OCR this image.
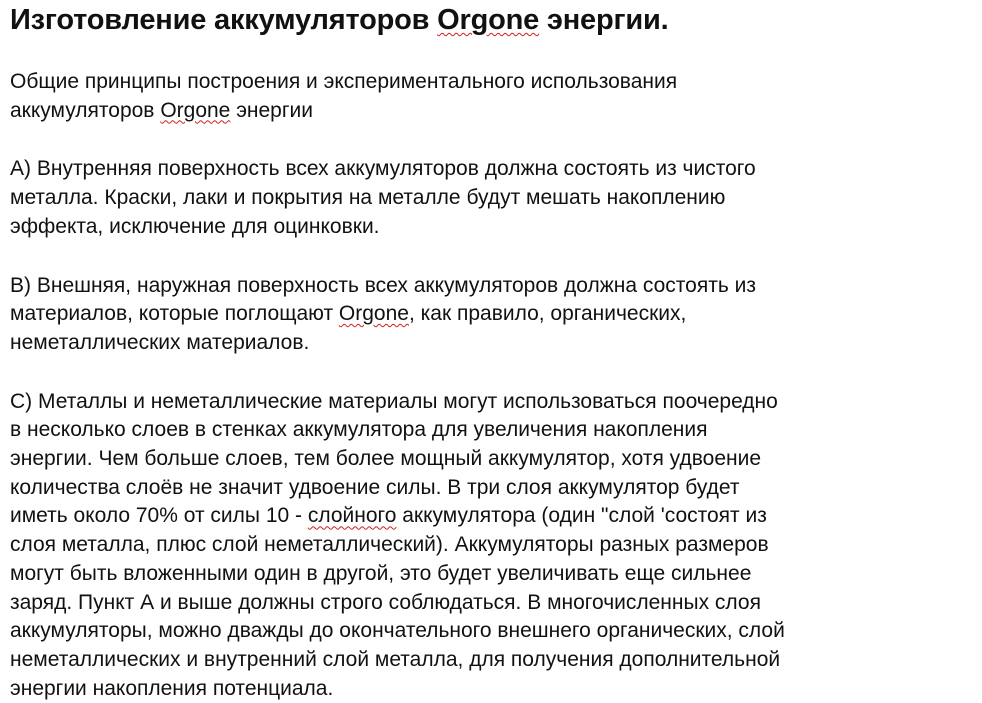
Изготовление аккумуляторов Orgone энергии.

Общие принципы построения и экспериментального использования
аккумуляторов Orgone энергии

А) Внутренняя поверхность всех аккумуляторов должна состоять из чистого
металла. Краски, лаки и покрытия на металле будут мешать накоплению
эффекта, исключение для оцинковки.

В) Внешняя, наружная поверхность всех аккумуляторов должна состоять из
материалов, которые поглощают Orgone, как правило, органических,
неметаллических материалов.

С) Металлы и неметаллические материалы могут использоваться поочередно
в несколько слоев в стенках аккумулятора для увеличения накопления
энергии. Чем больше слоев, тем более мощный аккумулятор, хотя удвоение
количества слоёв не значит удвоение силы. В три слоя аккумулятор будет
иметь около 70% от силы 10 - слойного аккумулятора (один "слой 'состоят из
слоя металла, плюс слой неметаллический). Аккумуляторы разных размеров
могут быть вложенными один в другой, это будет увеличивать еще сильнее
заряд. Пункт А и выше должны строго соблюдаться. В многочисленных слоя
аккумуляторы, можно дважды до окончательного внешнего органических, слой
неметаллических и внутренний слой металла, для получения дополнительной
энергии накопления потенциала.
